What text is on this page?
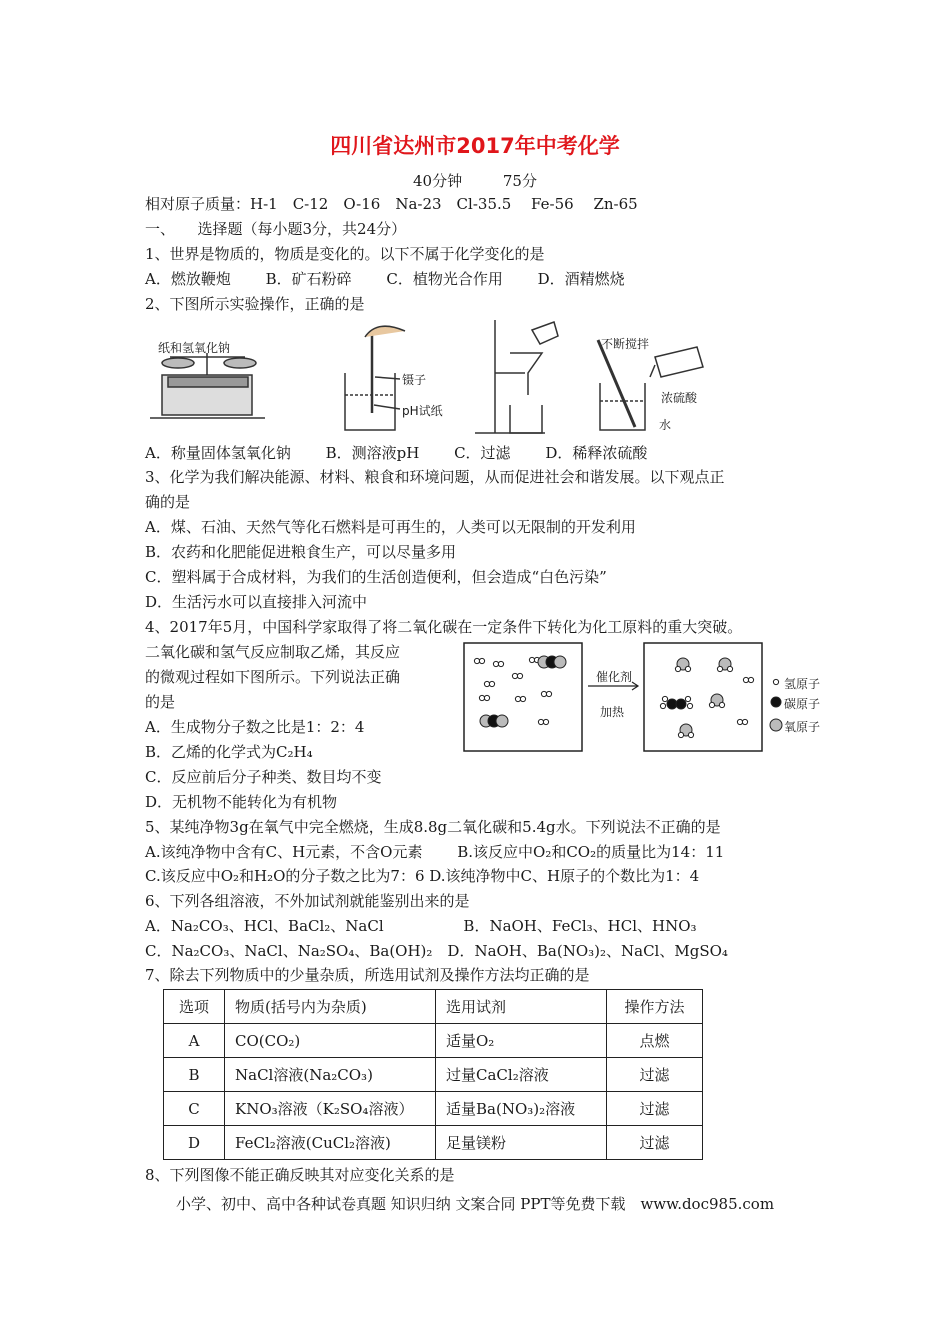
四川省达州市2017年中考化学
40分钟	75分
相对原子质量：H-1　C-12　O-16　Na-23　Cl-35.5　 Fe-56　 Zn-65
一、　　选择题（每小题3分，共24分）
1、世界是物质的，物质是变化的。以下不属于化学变化的是
A．燃放鞭炮　　 B．矿石粉碎　　 C．植物光合作用　　 D．酒精燃烧
2、下图所示实验操作，正确的是
纸和氢氧化钠
镊子
pH试纸
不断搅拌
浓硫酸
水
A．称量固体氢氧化钠　　 B．测溶液pH　　 C．过滤　　 D．稀释浓硫酸
3、化学为我们解决能源、材料、粮食和环境问题，从而促进社会和谐发展。以下观点正
确的是
A．煤、石油、天然气等化石燃料是可再生的，人类可以无限制的开发利用
B．农药和化肥能促进粮食生产，可以尽量多用
C．塑料属于合成材料，为我们的生活创造便利，但会造成“白色污染”
D．生活污水可以直接排入河流中
4、2017年5月，中国科学家取得了将二氧化碳在一定条件下转化为化工原料的重大突破。
二氧化碳和氢气反应制取乙烯，其反应
的微观过程如下图所示。下列说法正确
的是
A．生成物分子数之比是1：2：4
B．乙烯的化学式为C₂H₄
C．反应前后分子种类、数目均不变
D．无机物不能转化为有机物
催化剂
加热
氢原子
碳原子
氧原子
5、某纯净物3g在氧气中完全燃烧，生成8.8g二氧化碳和5.4g水。下列说法不正确的是
A.该纯净物中含有C、H元素，不含O元素　　 B.该反应中O₂和CO₂的质量比为14：11
C.该反应中O₂和H₂O的分子数之比为7：6 D.该纯净物中C、H原子的个数比为1：4
6、下列各组溶液，不外加试剂就能鉴别出来的是
A．Na₂CO₃、HCl、BaCl₂、NaCl　　　　　 B．NaOH、FeCl₃、HCl、HNO₃
C．Na₂CO₃、NaCl、Na₂SO₄、Ba(OH)₂　D．NaOH、Ba(NO₃)₂、NaCl、MgSO₄
7、除去下列物质中的少量杂质，所选用试剂及操作方法均正确的是
选项	物质(括号内为杂质)	选用试剂	操作方法
A	CO(CO₂)	适量O₂	点燃
B	NaCl溶液(Na₂CO₃)	过量CaCl₂溶液	过滤
C	KNO₃溶液（K₂SO₄溶液）	适量Ba(NO₃)₂溶液	过滤
D	FeCl₂溶液(CuCl₂溶液)	足量镁粉	过滤
8、下列图像不能正确反映其对应变化关系的是
小学、初中、高中各种试卷真题 知识归纳 文案合同 PPT等免费下载　www.doc985.com
